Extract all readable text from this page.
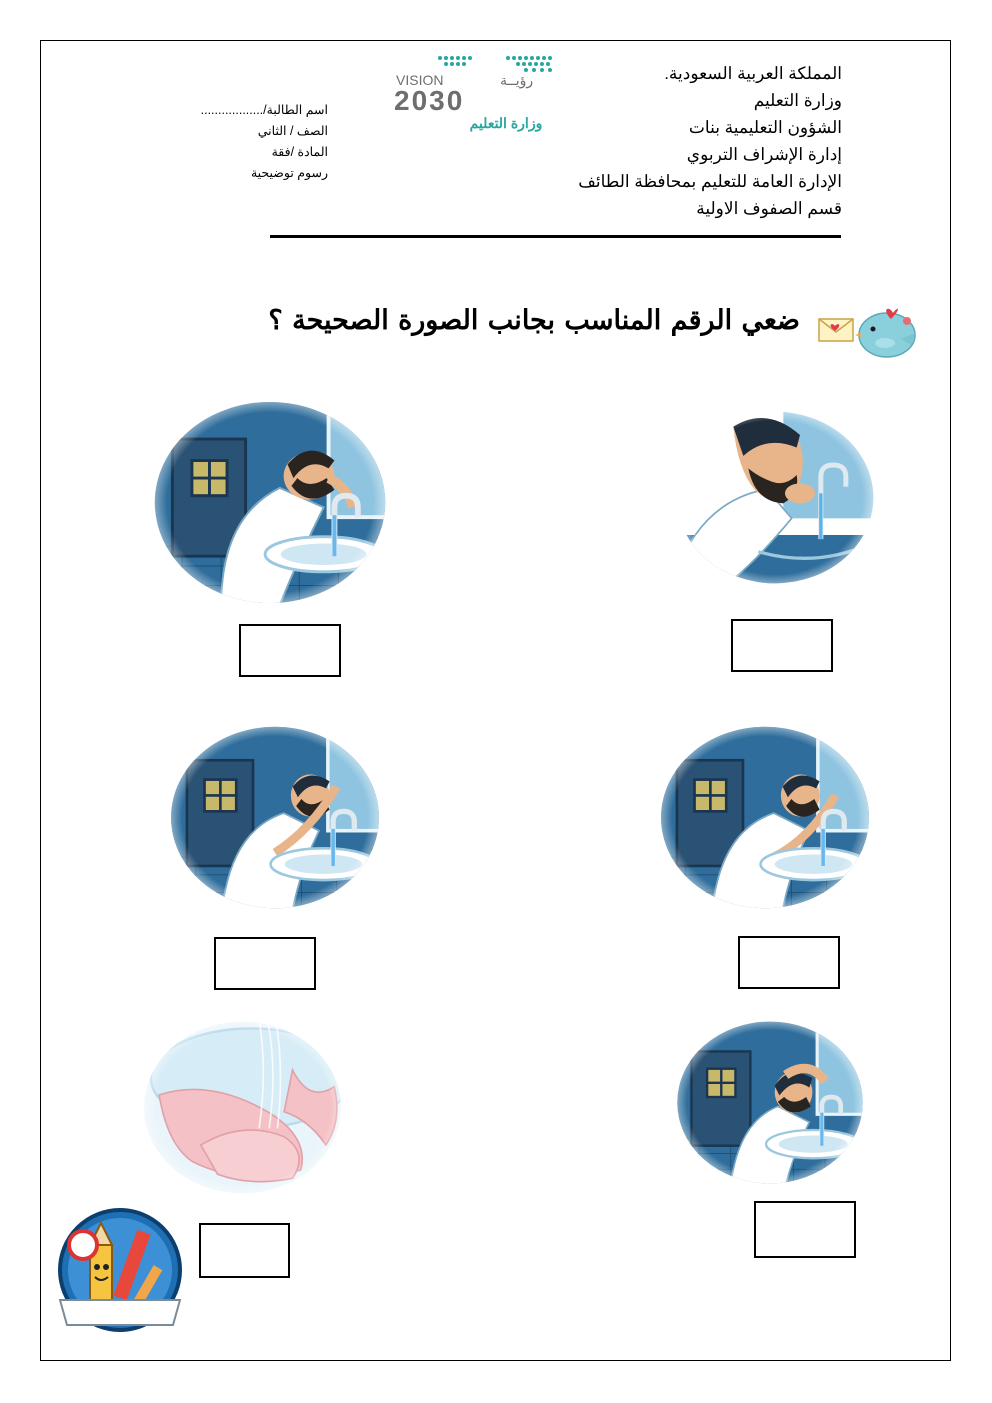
المملكة العربية السعودية.
وزارة التعليم
الشؤون التعليمية بنات
إدارة الإشراف التربوي
الإدارة العامة للتعليم بمحافظة الطائف
قسم الصفوف الاولية
اسم الطالبة/..................
الصف / الثاني
المادة /فقة
رسوم توضيحية
VISION	رؤيــة
2030
وزارة التعليم
ضعي الرقم المناسب بجانب الصورة الصحيحة ؟
